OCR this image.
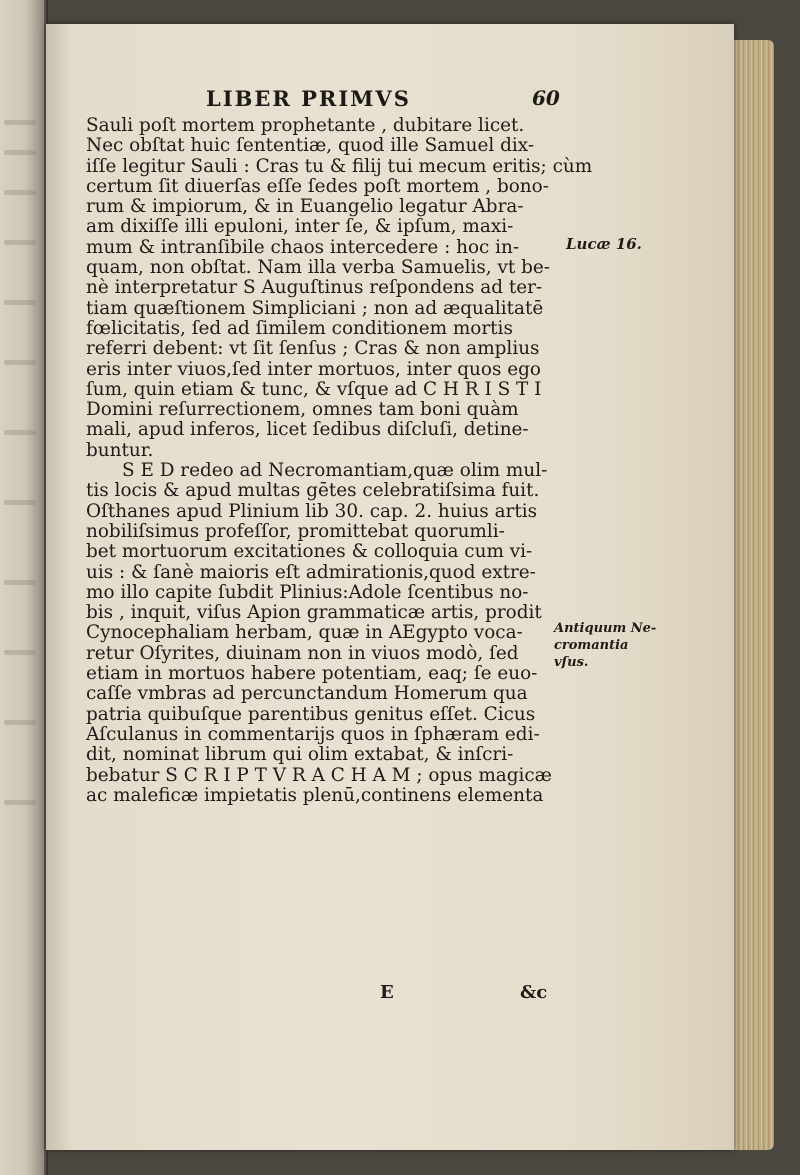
LIBER PRIMVS	60
Sauli poſt mortem prophetante , dubitare licet.
Nec obſtat huic ſententiæ, quod ille Samuel dix-
iſſe legitur Sauli : Cras tu & filij tui mecum eritis; cùm
certum ſit diuerſas eſſe ſedes poſt mortem , bono-
rum & impiorum, & in Euangelio legatur Abra-
am dixiſſe illi epuloni, inter ſe, & ipſum, maxi-
mum & intranſibile chaos intercedere : hoc in-
quam, non obſtat. Nam illa verba Samuelis, vt be-
nè interpretatur S Auguſtinus reſpondens ad ter-
tiam quæſtionem Simpliciani ; non ad æqualitatē
fœlicitatis, ſed ad ſimilem conditionem mortis
referri debent: vt ſit ſenſus ; Cras & non amplius
eris inter viuos,ſed inter mortuos, inter quos ego
ſum, quin etiam & tunc, & vſque ad C H R I S T I
Domini reſurrectionem, omnes tam boni quàm
mali, apud inferos, licet ſedibus diſcluſi, detine-
buntur.
S E D redeo ad Necromantiam,quæ olim mul-
tis locis & apud multas gētes celebratiſsima fuit.
Oſthanes apud Plinium lib 30. cap. 2. huius artis
nobiliſsimus profeſſor, promittebat quorumli-
bet mortuorum excitationes & colloquia cum vi-
uis : & ſanè maioris eſt admirationis,quod extre-
mo illo capite ſubdit Plinius:Adole ſcentibus no-
bis , inquit, viſus Apion grammaticæ artis, prodit
Cynocephaliam herbam, quæ in AEgypto voca-
retur Oſyrites, diuinam non in viuos modò, ſed
etiam in mortuos habere potentiam, eaq; ſe euo-
caſſe vmbras ad percunctandum Homerum qua
patria quibuſque parentibus genitus eſſet. Cicus
Aſculanus in commentarijs quos in ſphæram edi-
dit, nominat librum qui olim extabat, & inſcri-
bebatur S C R I P T V R A C H A M ; opus magicæ
ac maleficæ impietatis plenū,continens elementa
Lucæ 16.
Antiquum Ne-
cromantia
vſus.
E	&c
